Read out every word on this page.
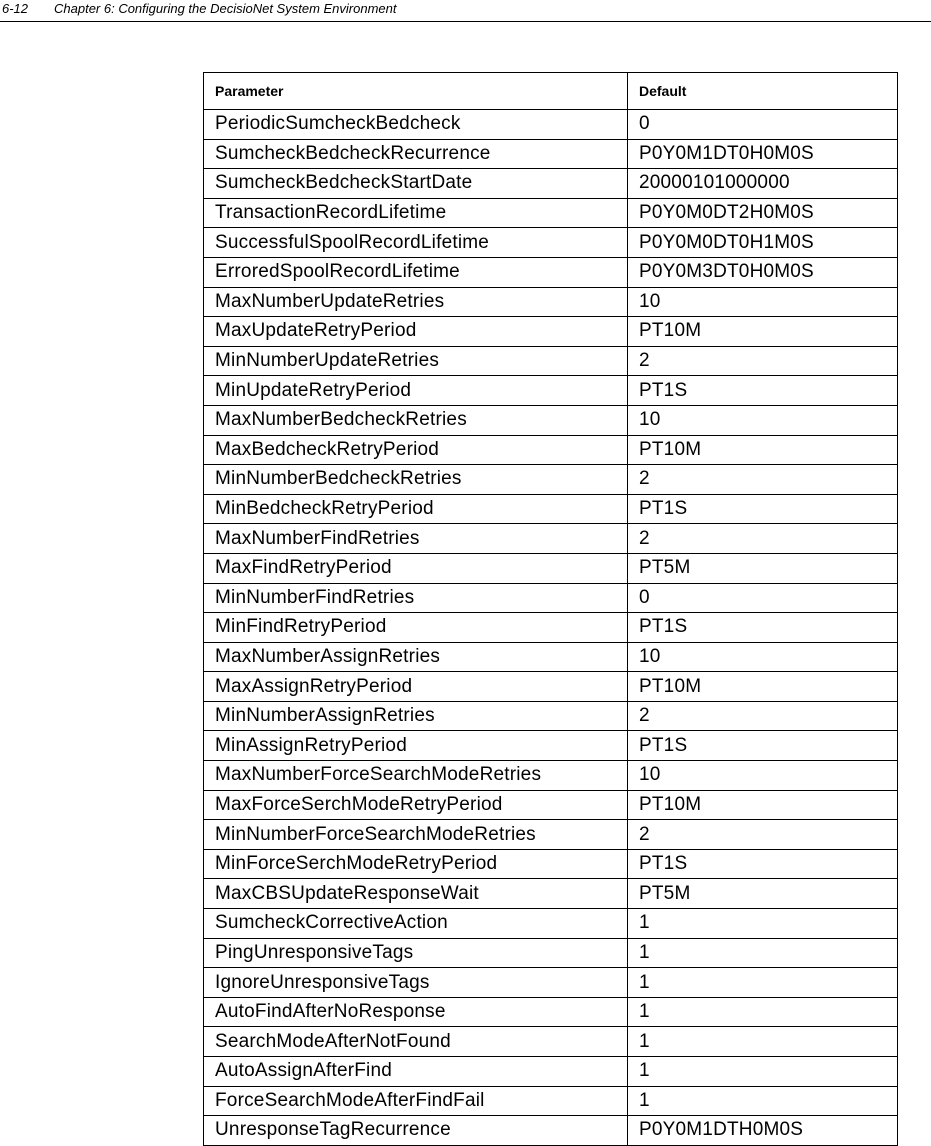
6-12 Chapter 6: Configuring the DecisioNet System Environment
Parameter	Default
PeriodicSumcheckBedcheck	0
SumcheckBedcheckRecurrence	P0Y0M1DT0H0M0S
SumcheckBedcheckStartDate	20000101000000
TransactionRecordLifetime	P0Y0M0DT2H0M0S
SuccessfulSpoolRecordLifetime	P0Y0M0DT0H1M0S
ErroredSpoolRecordLifetime	P0Y0M3DT0H0M0S
MaxNumberUpdateRetries	10
MaxUpdateRetryPeriod	PT10M
MinNumberUpdateRetries	2
MinUpdateRetryPeriod	PT1S
MaxNumberBedcheckRetries	10
MaxBedcheckRetryPeriod	PT10M
MinNumberBedcheckRetries	2
MinBedcheckRetryPeriod	PT1S
MaxNumberFindRetries	2
MaxFindRetryPeriod	PT5M
MinNumberFindRetries	0
MinFindRetryPeriod	PT1S
MaxNumberAssignRetries	10
MaxAssignRetryPeriod	PT10M
MinNumberAssignRetries	2
MinAssignRetryPeriod	PT1S
MaxNumberForceSearchModeRetries	10
MaxForceSerchModeRetryPeriod	PT10M
MinNumberForceSearchModeRetries	2
MinForceSerchModeRetryPeriod	PT1S
MaxCBSUpdateResponseWait	PT5M
SumcheckCorrectiveAction	1
PingUnresponsiveTags	1
IgnoreUnresponsiveTags	1
AutoFindAfterNoResponse	1
SearchModeAfterNotFound	1
AutoAssignAfterFind	1
ForceSearchModeAfterFindFail	1
UnresponseTagRecurrence	P0Y0M1DTH0M0S
